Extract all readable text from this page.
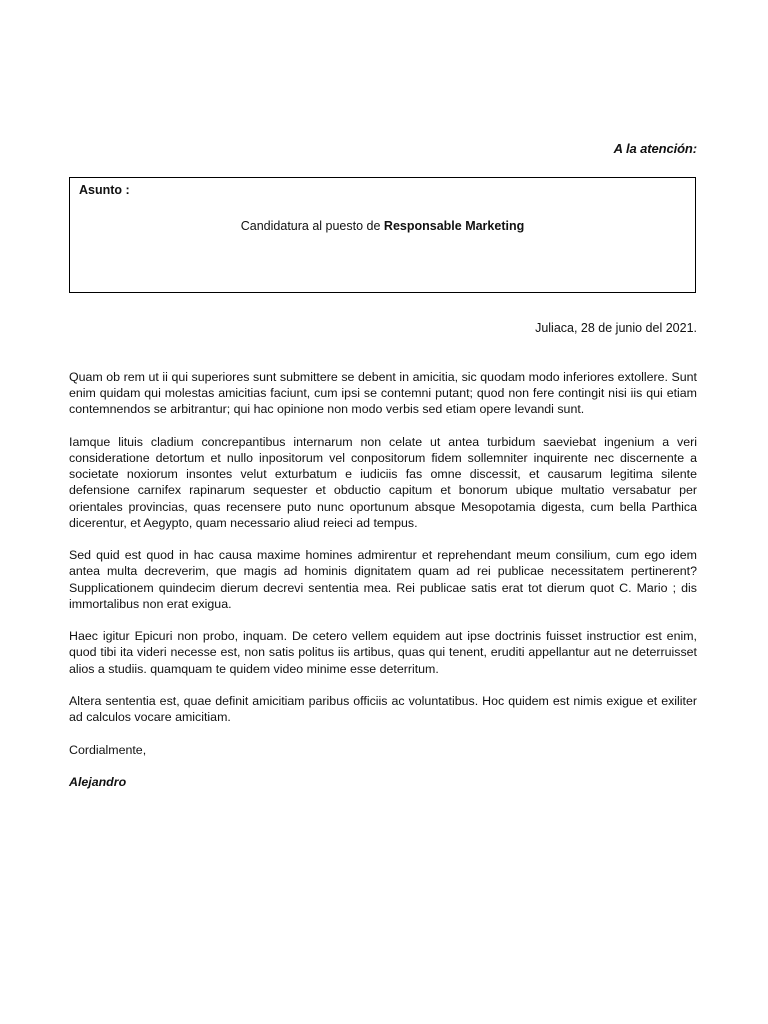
A la atención:
Asunto :
Candidatura al puesto de Responsable Marketing
Juliaca, 28 de junio del 2021.

Quam ob rem ut ii qui superiores sunt submittere se debent in amicitia, sic quodam modo inferiores extollere. Sunt enim quidam qui molestas amicitias faciunt, cum ipsi se contemni putant; quod non fere contingit nisi iis qui etiam contemnendos se arbitrantur; qui hac opinione non modo verbis sed etiam opere levandi sunt.

Iamque lituis cladium concrepantibus internarum non celate ut antea turbidum saeviebat ingenium a veri consideratione detortum et nullo inpositorum vel conpositorum fidem sollemniter inquirente nec discernente a societate noxiorum insontes velut exturbatum e iudiciis fas omne discessit, et causarum legitima silente defensione carnifex rapinarum sequester et obductio capitum et bonorum ubique multatio versabatur per orientales provincias, quas recensere puto nunc oportunum absque Mesopotamia digesta, cum bella Parthica dicerentur, et Aegypto, quam necessario aliud reieci ad tempus.

Sed quid est quod in hac causa maxime homines admirentur et reprehendant meum consilium, cum ego idem antea multa decreverim, que magis ad hominis dignitatem quam ad rei publicae necessitatem pertinerent? Supplicationem quindecim dierum decrevi sententia mea. Rei publicae satis erat tot dierum quot C. Mario ; dis immortalibus non erat exigua.

Haec igitur Epicuri non probo, inquam. De cetero vellem equidem aut ipse doctrinis fuisset instructior est enim, quod tibi ita videri necesse est, non satis politus iis artibus, quas qui tenent, eruditi appellantur aut ne deterruisset alios a studiis. quamquam te quidem video minime esse deterritum.

Altera sententia est, quae definit amicitiam paribus officiis ac voluntatibus. Hoc quidem est nimis exigue et exiliter ad calculos vocare amicitiam.

Cordialmente,
Alejandro
